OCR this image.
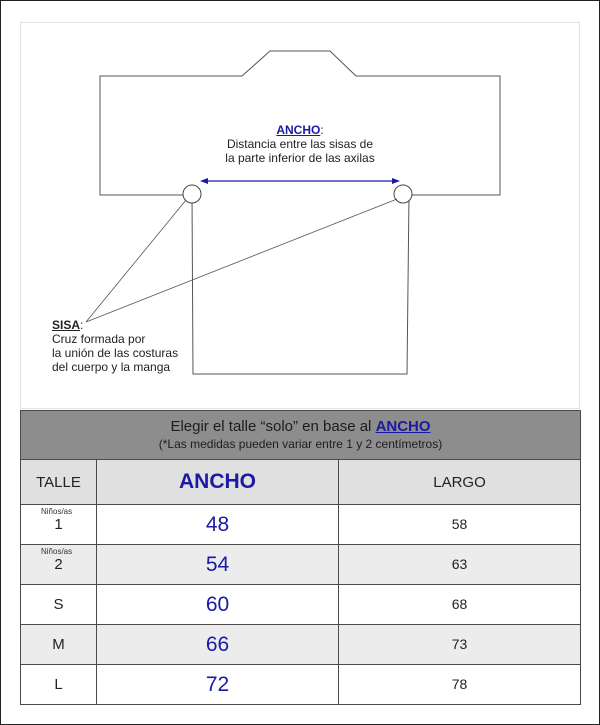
ANCHO:
Distancia entre las sisas de
la parte inferior de las axilas
SISA:
Cruz formada por
la unión de las costuras
del cuerpo y la manga
Elegir el talle “solo” en base al ANCHO
(*Las medidas pueden variar entre 1 y 2 centímetros)		

TALLE	ANCHO	LARGO

Niños/as
1	48	58

Niños/as
2	54	63
S	60	68
M	66	73
L	72	78
